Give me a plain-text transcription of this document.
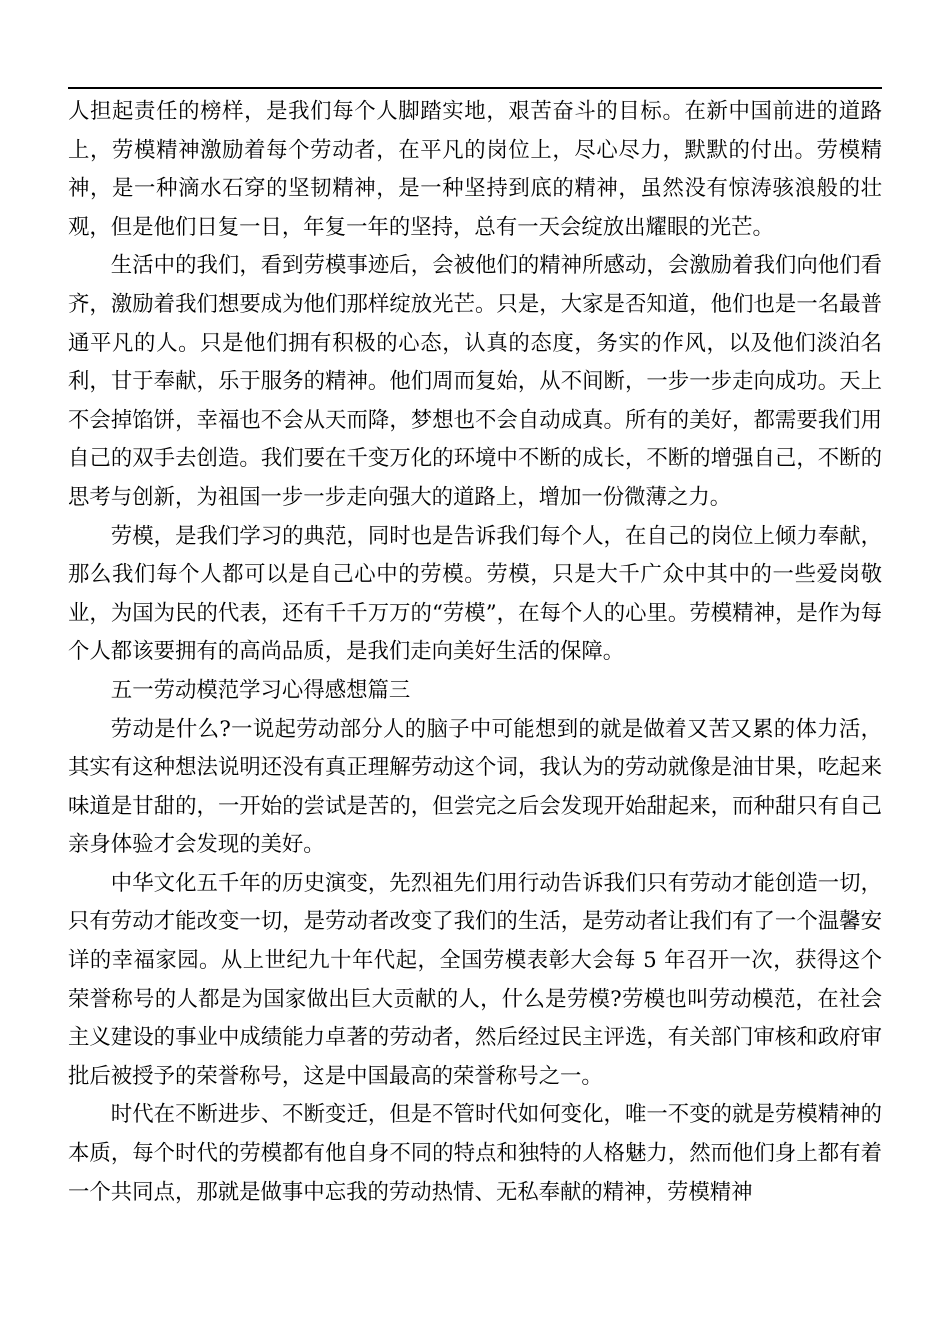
人担起责任的榜样，是我们每个人脚踏实地，艰苦奋斗的目标。在新中国前进的道路上，劳模精神激励着每个劳动者，在平凡的岗位上，尽心尽力，默默的付出。劳模精神，是一种滴水石穿的坚韧精神，是一种坚持到底的精神，虽然没有惊涛骇浪般的壮观，但是他们日复一日，年复一年的坚持，总有一天会绽放出耀眼的光芒。

生活中的我们，看到劳模事迹后，会被他们的精神所感动，会激励着我们向他们看齐，激励着我们想要成为他们那样绽放光芒。只是，大家是否知道，他们也是一名最普通平凡的人。只是他们拥有积极的心态，认真的态度，务实的作风，以及他们淡泊名利，甘于奉献，乐于服务的精神。他们周而复始，从不间断，一步一步走向成功。天上不会掉馅饼，幸福也不会从天而降，梦想也不会自动成真。所有的美好，都需要我们用自己的双手去创造。我们要在千变万化的环境中不断的成长，不断的增强自己，不断的思考与创新，为祖国一步一步走向强大的道路上，增加一份微薄之力。

劳模，是我们学习的典范，同时也是告诉我们每个人，在自己的岗位上倾力奉献，那么我们每个人都可以是自己心中的劳模。劳模，只是大千广众中其中的一些爱岗敬业，为国为民的代表，还有千千万万的“劳模”，在每个人的心里。劳模精神，是作为每个人都该要拥有的高尚品质，是我们走向美好生活的保障。

五一劳动模范学习心得感想篇三

劳动是什么?一说起劳动部分人的脑子中可能想到的就是做着又苦又累的体力活，其实有这种想法说明还没有真正理解劳动这个词，我认为的劳动就像是油甘果，吃起来味道是甘甜的，一开始的尝试是苦的，但尝完之后会发现开始甜起来，而种甜只有自己亲身体验才会发现的美好。

中华文化五千年的历史演变，先烈祖先们用行动告诉我们只有劳动才能创造一切，只有劳动才能改变一切，是劳动者改变了我们的生活，是劳动者让我们有了一个温馨安详的幸福家园。从上世纪九十年代起，全国劳模表彰大会每 5 年召开一次，获得这个荣誉称号的人都是为国家做出巨大贡献的人，什么是劳模?劳模也叫劳动模范，在社会主义建设的事业中成绩能力卓著的劳动者，然后经过民主评选，有关部门审核和政府审批后被授予的荣誉称号，这是中国最高的荣誉称号之一。

时代在不断进步、不断变迁，但是不管时代如何变化，唯一不变的就是劳模精神的本质，每个时代的劳模都有他自身不同的特点和独特的人格魅力，然而他们身上都有着一个共同点，那就是做事中忘我的劳动热情、无私奉献的精神，劳模精神
